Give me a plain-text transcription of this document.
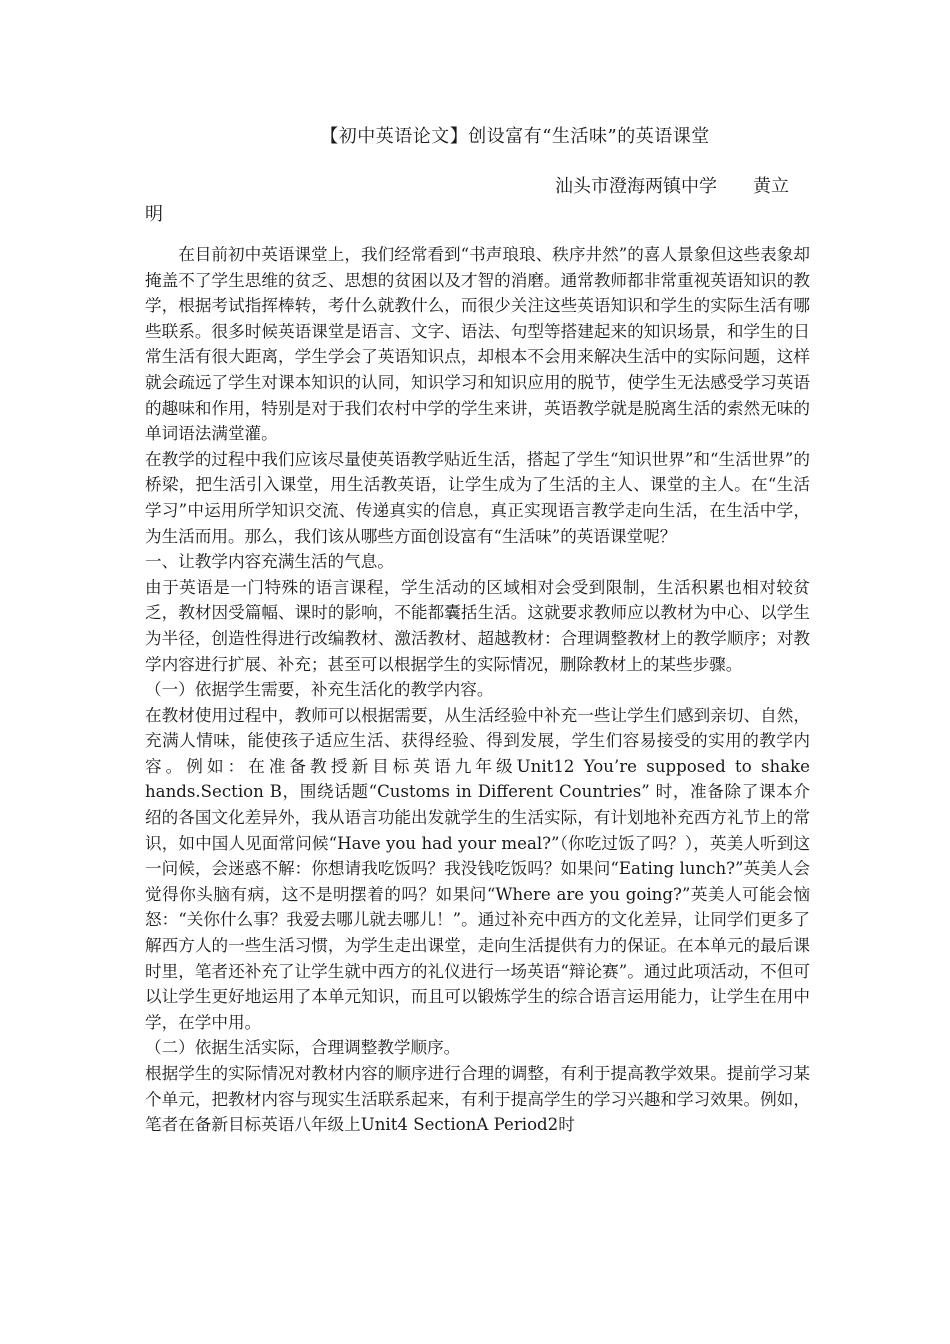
【初中英语论文】创设富有“生活味”的英语课堂
汕头市澄海两镇中学　　黄立
明

在目前初中英语课堂上，我们经常看到“书声琅琅、秩序井然”的喜人景象但这些表象却掩盖不了学生思维的贫乏、思想的贫困以及才智的消磨。通常教师都非常重视英语知识的教学，根据考试指挥棒转，考什么就教什么，而很少关注这些英语知识和学生的实际生活有哪些联系。很多时候英语课堂是语言、文字、语法、句型等搭建起来的知识场景，和学生的日常生活有很大距离，学生学会了英语知识点，却根本不会用来解决生活中的实际问题，这样就会疏远了学生对课本知识的认同，知识学习和知识应用的脱节，使学生无法感受学习英语的趣味和作用，特别是对于我们农村中学的学生来讲，英语教学就是脱离生活的索然无味的单词语法满堂灌。

在教学的过程中我们应该尽量使英语教学贴近生活，搭起了学生“知识世界”和“生活世界”的桥梁，把生活引入课堂，用生活教英语，让学生成为了生活的主人、课堂的主人。在“生活学习”中运用所学知识交流、传递真实的信息，真正实现语言教学走向生活，在生活中学，为生活而用。那么，我们该从哪些方面创设富有“生活味”的英语课堂呢？

一、让教学内容充满生活的气息。

由于英语是一门特殊的语言课程，学生活动的区域相对会受到限制，生活积累也相对较贫乏，教材因受篇幅、课时的影响，不能都囊括生活。这就要求教师应以教材为中心、以学生为半径，创造性得进行改编教材、激活教材、超越教材：合理调整教材上的教学顺序；对教学内容进行扩展、补充；甚至可以根据学生的实际情况，删除教材上的某些步骤。

（一）依据学生需要，补充生活化的教学内容。

在教材使用过程中，教师可以根据需要，从生活经验中补充一些让学生们感到亲切、自然，充满人情味，能使孩子适应生活、获得经验、得到发展，学生们容易接受的实用的教学内容。例如：在准备教授新目标英语九年级Unit12 You’re supposed to shake hands.Section B，围绕话题“Customs in Different Countries” 时，准备除了课本介绍的各国文化差异外，我从语言功能出发就学生的生活实际，有计划地补充西方礼节上的常识，如中国人见面常问候“Have you had your meal?”（你吃过饭了吗？），英美人听到这一问候，会迷惑不解：你想请我吃饭吗？我没钱吃饭吗？如果问“Eating lunch?”英美人会觉得你头脑有病，这不是明摆着的吗？如果问“Where are you going?”英美人可能会恼怒：“关你什么事？我爱去哪儿就去哪儿！”。通过补充中西方的文化差异，让同学们更多了解西方人的一些生活习惯，为学生走出课堂，走向生活提供有力的保证。在本单元的最后课时里，笔者还补充了让学生就中西方的礼仪进行一场英语“辩论赛”。通过此项活动，不但可以让学生更好地运用了本单元知识，而且可以锻炼学生的综合语言运用能力，让学生在用中学，在学中用。

（二）依据生活实际，合理调整教学顺序。

根据学生的实际情况对教材内容的顺序进行合理的调整，有利于提高教学效果。提前学习某个单元，把教材内容与现实生活联系起来，有利于提高学生的学习兴趣和学习效果。例如，笔者在备新目标英语八年级上Unit4 SectionA Period2时
